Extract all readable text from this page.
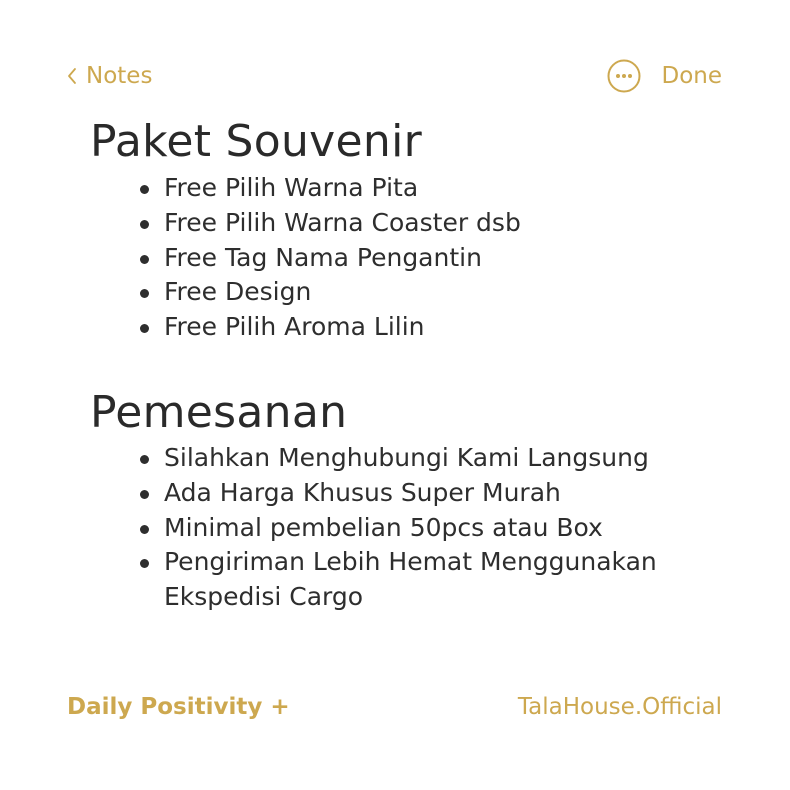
Notes	Done
Paket Souvenir
Free Pilih Warna Pita
Free Pilih Warna Coaster dsb
Free Tag Nama Pengantin
Free Design
Free Pilih Aroma Lilin
Pemesanan
Silahkan Menghubungi Kami Langsung
Ada Harga Khusus Super Murah
Minimal pembelian 50pcs atau Box
Pengiriman Lebih Hemat Menggunakan Ekspedisi Cargo
Daily Positivity +	TalaHouse.Official
